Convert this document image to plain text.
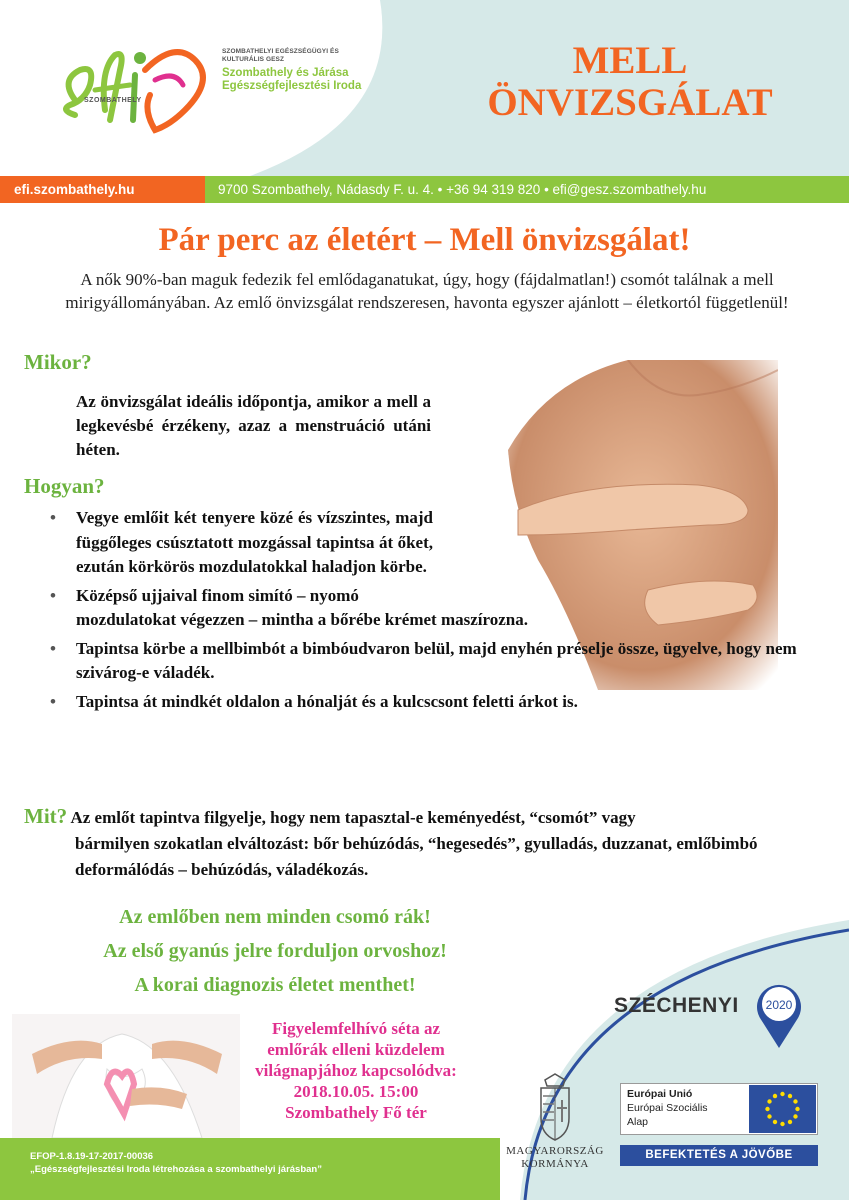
SZOMBATHELY
SZOMBATHELYI EGÉSZSÉGÜGYI ÉS KULTURÁLIS GESZ
Szombathely és Járása Egészségfejlesztési Iroda
MELL
ÖNVIZSGÁLAT
efi.szombathely.hu	9700 Szombathely, Nádasdy F. u. 4. • +36 94 319 820 • efi@gesz.szombathely.hu
Pár perc az életért – Mell önvizsgálat!
A nők 90%-ban maguk fedezik fel emlődaganatukat, úgy, hogy (fájdalmatlan!) csomót találnak a mell mirigyállományában. Az emlő önvizsgálat rendszeresen, havonta egyszer ajánlott – életkortól függetlenül!
Mikor?
Az önvizsgálat ideális időpontja, amikor a mell a legkevésbé érzékeny, azaz a menstruáció utáni héten.
Hogyan?
• Vegye emlőit két tenyere közé és vízszintes, majd függőleges csúsztatott mozgással tapintsa át őket, ezután körkörös mozdulatokkal haladjon körbe.
• Középső ujjaival finom simító – nyomó
mozdulatokat végezzen – mintha a bőrébe krémet maszírozna.
• Tapintsa körbe a mellbimbót a bimbóudvaron belül, majd enyhén préselje össze, ügyelve, hogy nem szivárog-e váladék.
• Tapintsa át mindkét oldalon a hónalját és a kulcscsont feletti árkot is.
Mit? Az emlőt tapintva filgyelje, hogy nem tapasztal-e keményedést, “csomót” vagy
bármilyen szokatlan elváltozást: bőr behúzódás, “hegesedés”, gyulladás, duzzanat, emlőbimbó deformálódás – behúzódás, váladékozás.
Az emlőben nem minden csomó rák!
Az első gyanús jelre forduljon orvoshoz!
A korai diagnozis életet menthet!
Figyelemfelhívó séta az
emlőrák elleni küzdelem
világnapjához kapcsolódva:
2018.10.05. 15:00
Szombathely Fő tér
EFOP-1.8.19-17-2017-00036
„Egészségfejlesztési Iroda létrehozása a szombathelyi járásban”
SZÉCHENYI 2020
MAGYARORSZÁG
KORMÁNYA
Európai Unió
Európai Szociális
Alap
BEFEKTETÉS A JÖVŐBE
